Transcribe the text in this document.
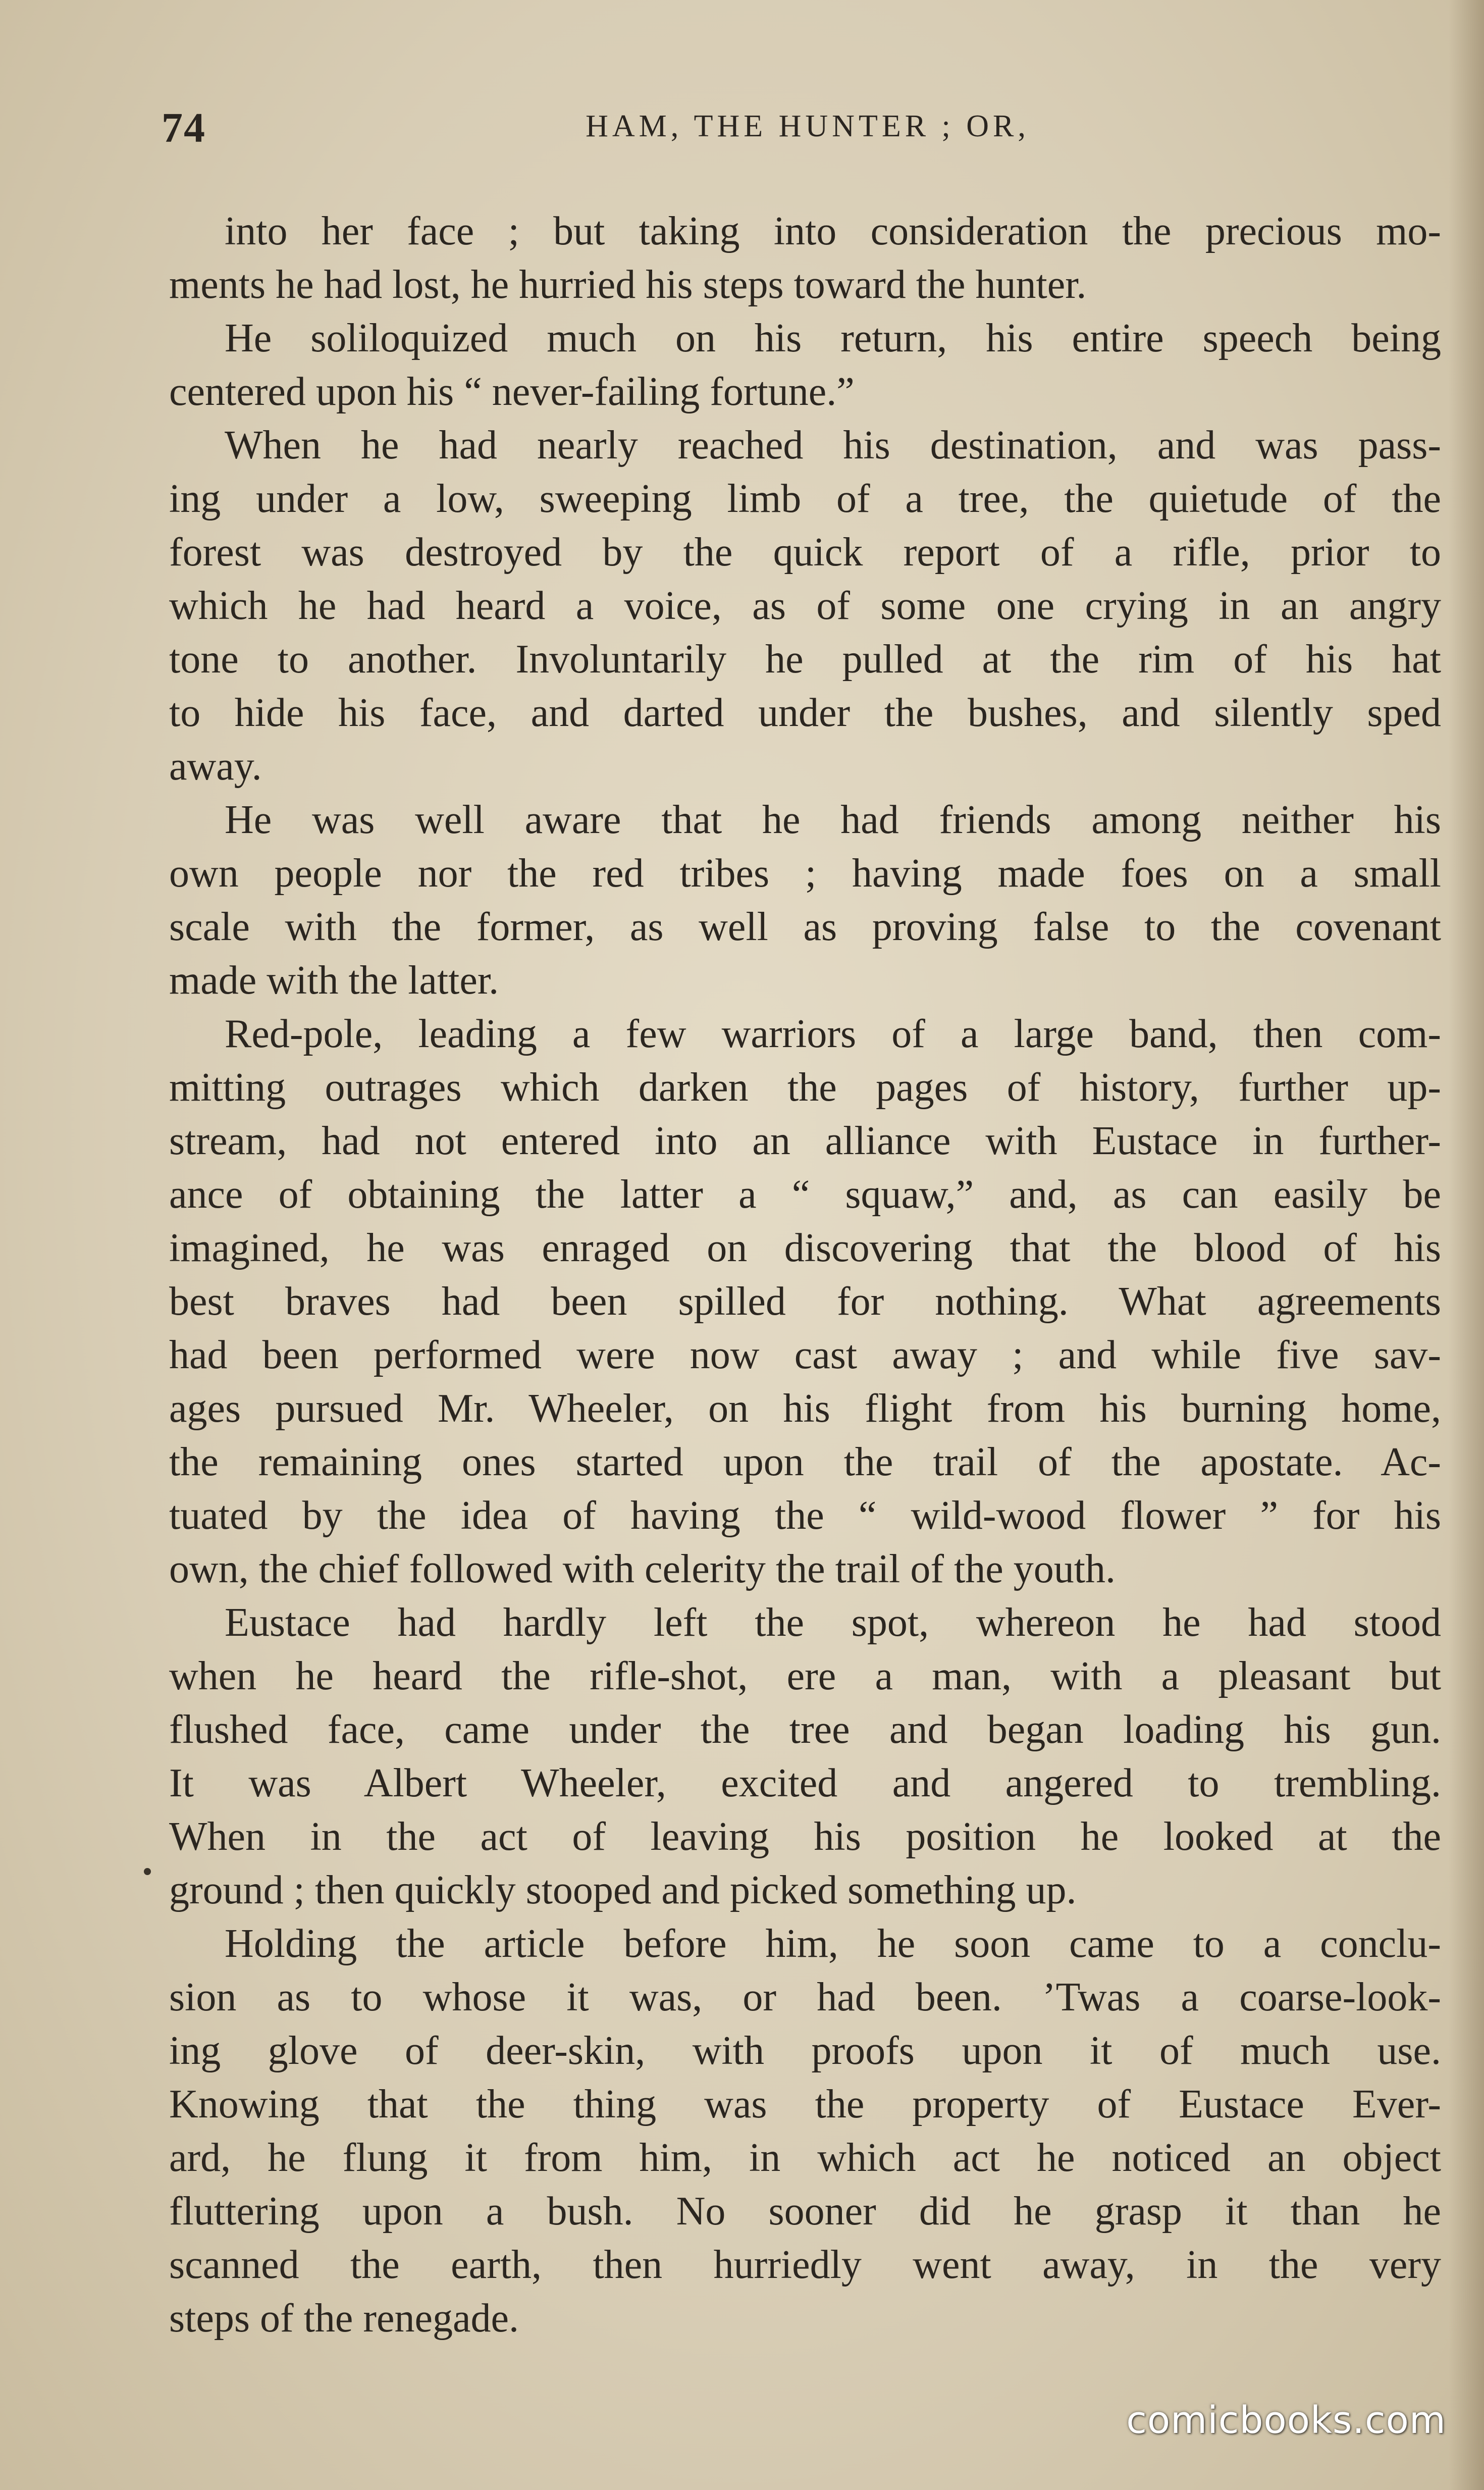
74	HAM, THE HUNTER ; OR,
into her face ; but taking into consideration the precious mo-
ments he had lost, he hurried his steps toward the hunter.
He soliloquized much on his return, his entire speech being
centered upon his “ never-failing fortune.”
When he had nearly reached his destination, and was pass-
ing under a low, sweeping limb of a tree, the quietude of the
forest was destroyed by the quick report of a rifle, prior to
which he had heard a voice, as of some one crying in an angry
tone to another. Involuntarily he pulled at the rim of his hat
to hide his face, and darted under the bushes, and silently sped
away.
He was well aware that he had friends among neither his
own people nor the red tribes ; having made foes on a small
scale with the former, as well as proving false to the covenant
made with the latter.
Red-pole, leading a few warriors of a large band, then com-
mitting outrages which darken the pages of history, further up-
stream, had not entered into an alliance with Eustace in further-
ance of obtaining the latter a “ squaw,” and, as can easily be
imagined, he was enraged on discovering that the blood of his
best braves had been spilled for nothing. What agreements
had been performed were now cast away ; and while five sav-
ages pursued Mr. Wheeler, on his flight from his burning home,
the remaining ones started upon the trail of the apostate. Ac-
tuated by the idea of having the “ wild-wood flower ” for his
own, the chief followed with celerity the trail of the youth.
Eustace had hardly left the spot, whereon he had stood
when he heard the rifle-shot, ere a man, with a pleasant but
flushed face, came under the tree and began loading his gun.
It was Albert Wheeler, excited and angered to trembling.
When in the act of leaving his position he looked at the
ground ; then quickly stooped and picked something up.
Holding the article before him, he soon came to a conclu-
sion as to whose it was, or had been. ’Twas a coarse-look-
ing glove of deer-skin, with proofs upon it of much use.
Knowing that the thing was the property of Eustace Ever-
ard, he flung it from him, in which act he noticed an object
fluttering upon a bush. No sooner did he grasp it than he
scanned the earth, then hurriedly went away, in the very
steps of the renegade.
comicbooks.com
